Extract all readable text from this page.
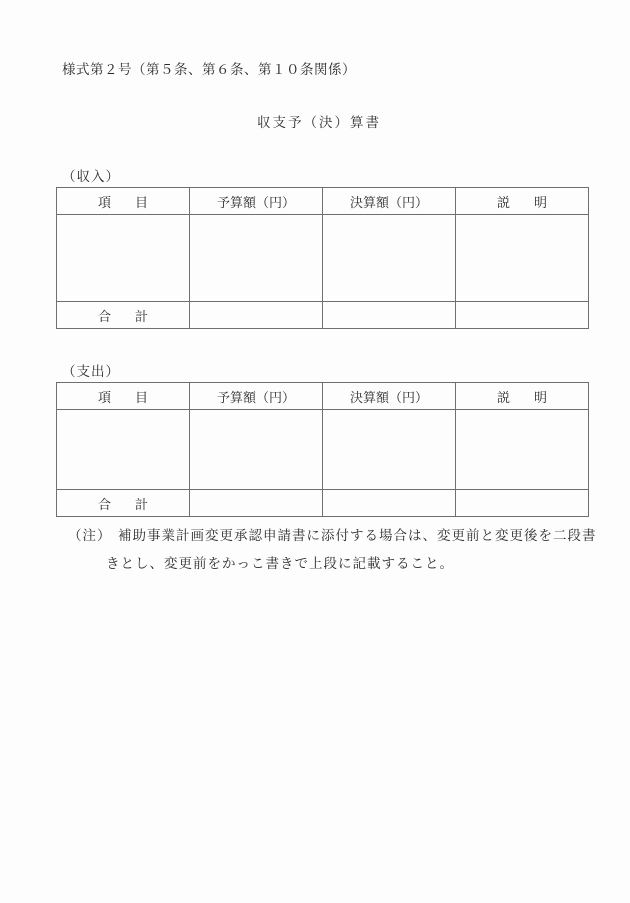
様式第２号（第５条、第６条、第１０条関係）
収支予（決）算書
（収入）
項目	予算額（円）	決算額（円）	説明

合計			
（支出）
項目	予算額（円）	決算額（円）	説明

合計			
（注） 補助事業計画変更承認申請書に添付する場合は、変更前と変更後を二段書
きとし、変更前をかっこ書きで上段に記載すること。
